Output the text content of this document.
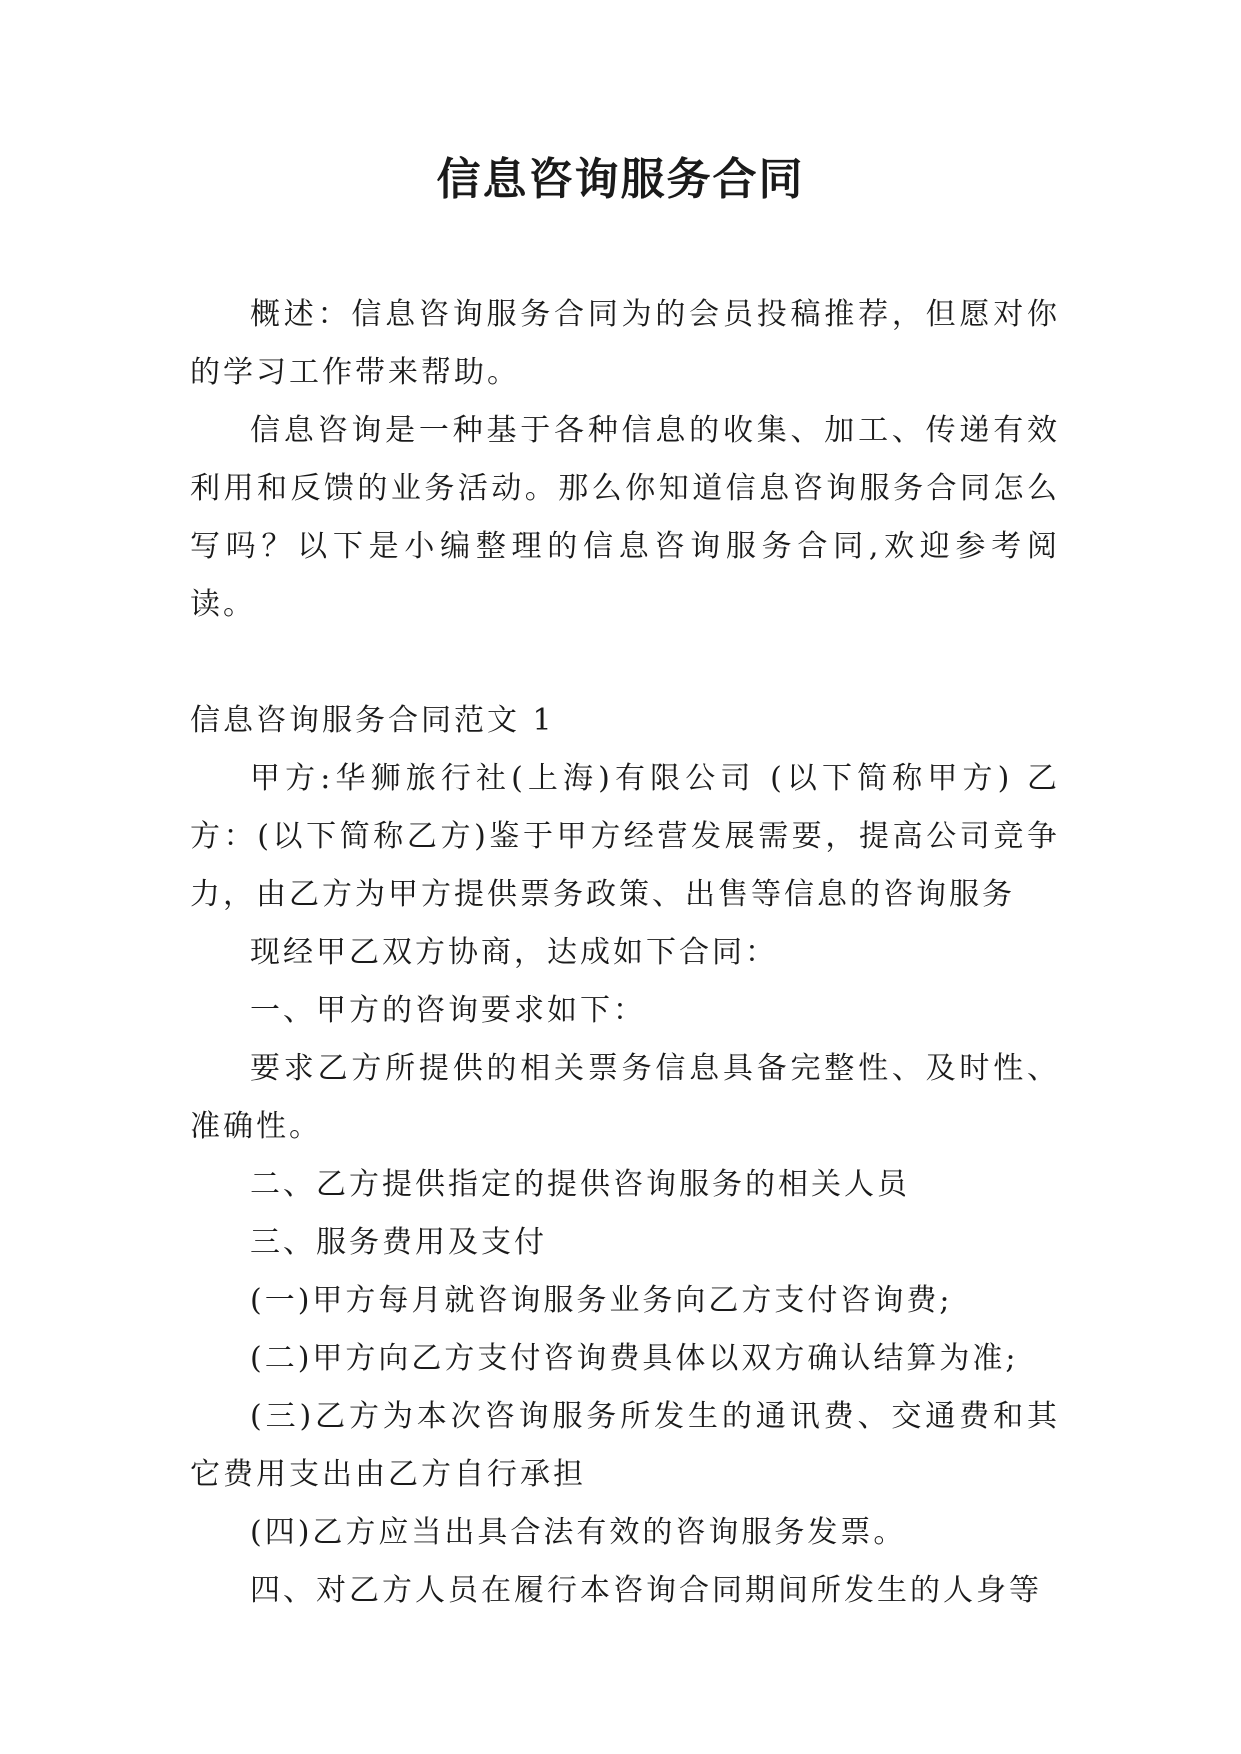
信息咨询服务合同

概述：信息咨询服务合同为的会员投稿推荐，但愿对你的学习工作带来帮助。

信息咨询是一种基于各种信息的收集、加工、传递有效利用和反馈的业务活动。那么你知道信息咨询服务合同怎么写吗？以下是小编整理的信息咨询服务合同,欢迎参考阅读。

信息咨询服务合同范文 1

甲方:华狮旅行社(上海)有限公司 (以下简称甲方) 乙方：(以下简称乙方)鉴于甲方经营发展需要，提高公司竞争力，由乙方为甲方提供票务政策、出售等信息的咨询服务

现经甲乙双方协商，达成如下合同：

一、甲方的咨询要求如下：

要求乙方所提供的相关票务信息具备完整性、及时性、准确性。

二、乙方提供指定的提供咨询服务的相关人员

三、服务费用及支付

(一)甲方每月就咨询服务业务向乙方支付咨询费;

(二)甲方向乙方支付咨询费具体以双方确认结算为准;

(三)乙方为本次咨询服务所发生的通讯费、交通费和其它费用支出由乙方自行承担

(四)乙方应当出具合法有效的咨询服务发票。

四、对乙方人员在履行本咨询合同期间所发生的人身等
